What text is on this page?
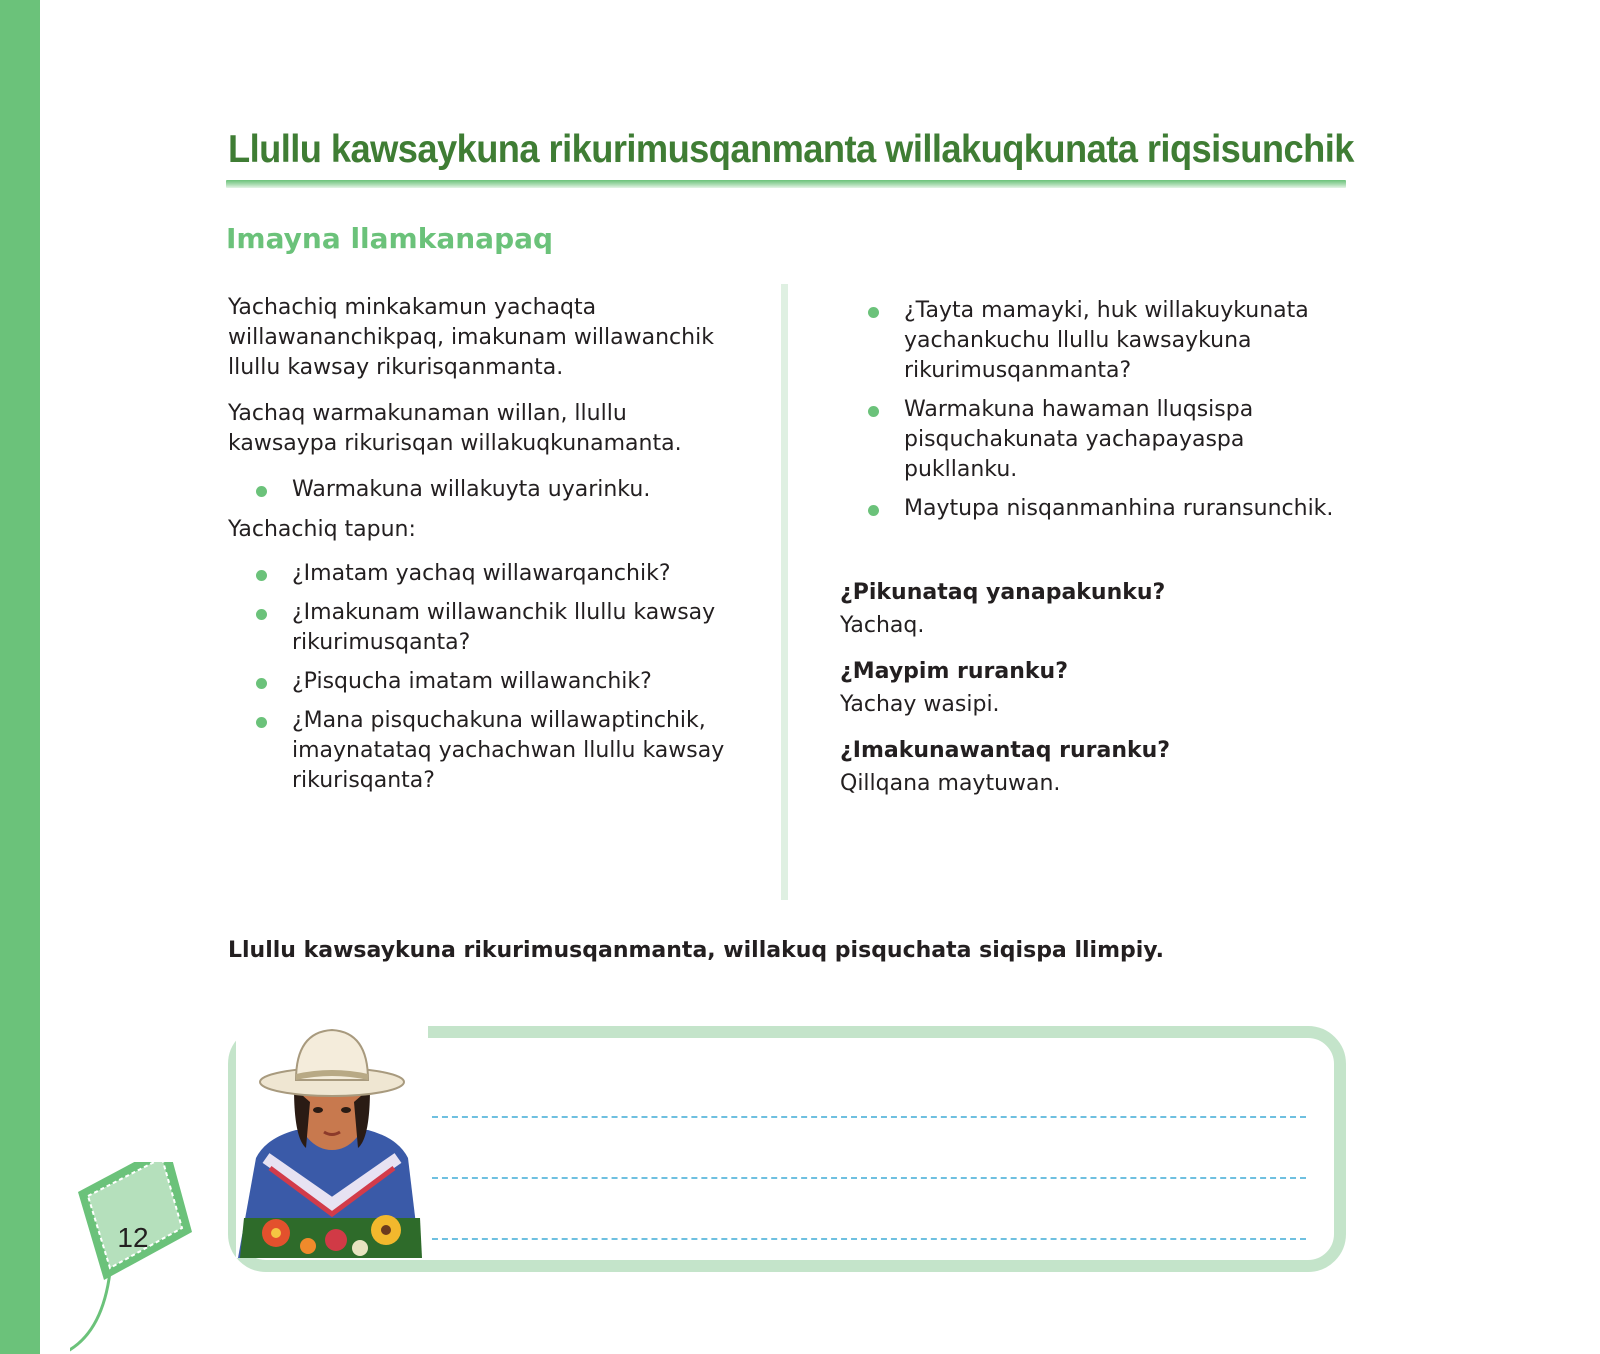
Llullu kawsaykuna rikurimusqanmanta willakuqkunata riqsisunchik
Imayna llamkanapaq

Yachachiq minkakamun yachaqta willawananchikpaq, imakunam willawanchik llullu kawsay rikurisqanmanta.

Yachaq warmakunaman willan, llullu kawsaypa rikurisqan willakuqkunamanta.

Warmakuna willakuyta uyarinku.

Yachachiq tapun:

¿Imatam yachaq willawarqanchik?
¿Imakunam willawanchik llullu kawsay rikurimusqanta?
¿Pisqucha imatam willawanchik?
¿Mana pisquchakuna willawaptinchik, imaynatataq yachachwan llullu kawsay rikurisqanta?
¿Tayta mamayki, huk willakuykunata yachankuchu llullu kawsaykuna rikurimusqanmanta?
Warmakuna hawaman lluqsispa pisquchakunata yachapayaspa pukllanku.
Maytupa nisqanmanhina ruransunchik.
¿Pikunataq yanapakunku?
Yachaq.
¿Maypim ruranku?
Yachay wasipi.
¿Imakunawantaq ruranku?
Qillqana maytuwan.
Llullu kawsaykuna rikurimusqanmanta, willakuq pisquchata siqispa llimpiy.
12
